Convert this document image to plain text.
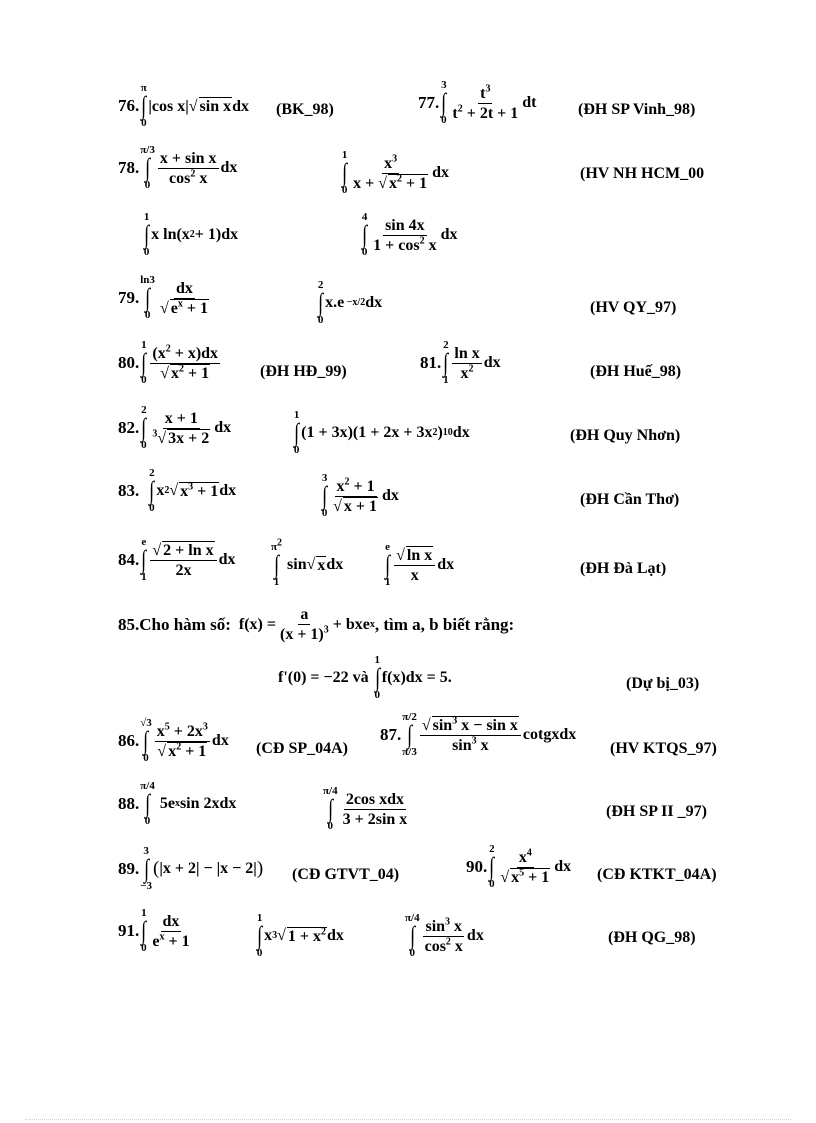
76.
π
∫
0
|cos x|√ sin xdx (BK_98)	77.
3
∫
$0 \frac{t^3}{t^2 + 2t + 1}$ dt	(ĐH SP Vinh_98)
78.
π/3
∫
$0 \frac{\text{x + sin x}}{\cos^2 x}$ dx
1
∫
$0 \frac{x^3}{x + √ x^2 + 1}$ dx	(HV NH HCM_00
1
∫
0
x ln(x 2 + 1)dx
4
∫
$0 \frac{\sin 4x}{1 + \cos^2 x}$ dx
79.
ln3
∫
$0 \frac{dx}{√ e^x + 1}$	2
∫
0
x.e −x/2 dx	(HV QY_97)
80.
1
∫
$0 \frac{(x^2 + x)dx}{√ x^2 + 1}$ (ĐH HĐ_99)	81.
2
∫
$1 \frac{\text{ln x}}{x^2}$ dx
(ĐH Huế_98)
82.
2
∫
$0 \frac{x + 1}{^3√ 3x + 2}$ dx
1
∫
0
(1 + 3x)(1 + 2x + 3x 2 ) 10 dx	(ĐH Quy Nhơn)
83.

2
∫
0
x 2 √ $x^3 + 1$ dx
3
∫
$0 \frac{x^2 + 1}{√ x + 1}$ dx	(ĐH Cần Thơ)
84.
e
∫
$1 \frac{\text{√ 2 + ln x}}{2x}$ dx
$\pi^2$
∫
1
sin √ x dx
e
∫
$1 \frac{\text{√ ln x}}{x}$ dx	(ĐH Đà Lạt)
85. Cho hàm số: $f(x) = \frac{a}{(x + 1)^3}$ + bxe x , tìm a, b biết rằng:
f'(0) = −22 và

1
∫
0
f(x)dx = 5.	(Dự bị_03)
86.
√3
∫
$0 \frac{x^5 + 2x^3}{√ x^2 + 1}$ dx (CĐ SP_04A)
87.
π/2
∫
$\pi/3 \frac{√ \sin^3 x - \sin x}{\sin^3 x}$ cotgxdx
(HV KTQS_97)
88.
π/4
∫
0
5e x sin 2xdx
π/4
∫
$0 \frac{\text{2cos xdx}}{\text{3 + 2sin x}}$	(ĐH SP II _97)
89.
3
∫
−3
( |x + 2| − |x − 2| ) (CĐ GTVT_04)	90.
2
∫
$0 \frac{x^4}{√ x^5 + 1}$ dx (CĐ KTKT_04A)
91.
1
∫
$0 \frac{dx}{e^x + 1}$	1
∫
0
x 3 √ $1 + x^2$ dx
π/4
∫
$0 \frac{\sin^3 x}{\cos^2 x}$ dx	(ĐH QG_98)
